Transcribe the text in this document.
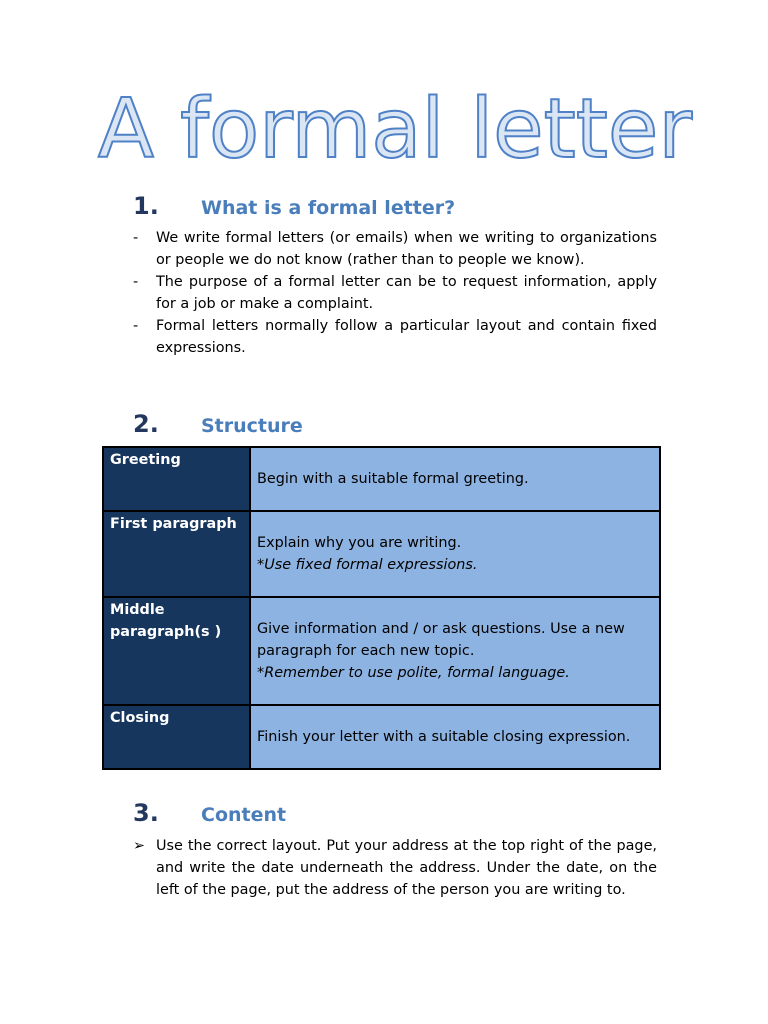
A formal letter
1.	What is a formal letter?
-	We write formal letters (or emails) when we writing to organizations or people we do not know (rather than to people we know).
-	The purpose of a formal letter can be to request information, apply for a job or make a complaint.
-	Formal letters normally follow a particular layout and contain fixed expressions.
2.	Structure
Greeting	Begin with a suitable formal greeting.

First paragraph	Explain why you are writing.
*Use fixed formal expressions.

Middle paragraph(s )	Give information and / or ask questions. Use a new paragraph for each new topic.
*Remember to use polite, formal language.

Closing	Finish your letter with a suitable closing expression.
3.	Content
➢ Use the correct layout. Put your address at the top right of the page, and write the date underneath the address. Under the date, on the left of the page, put the address of the person you are writing to.
